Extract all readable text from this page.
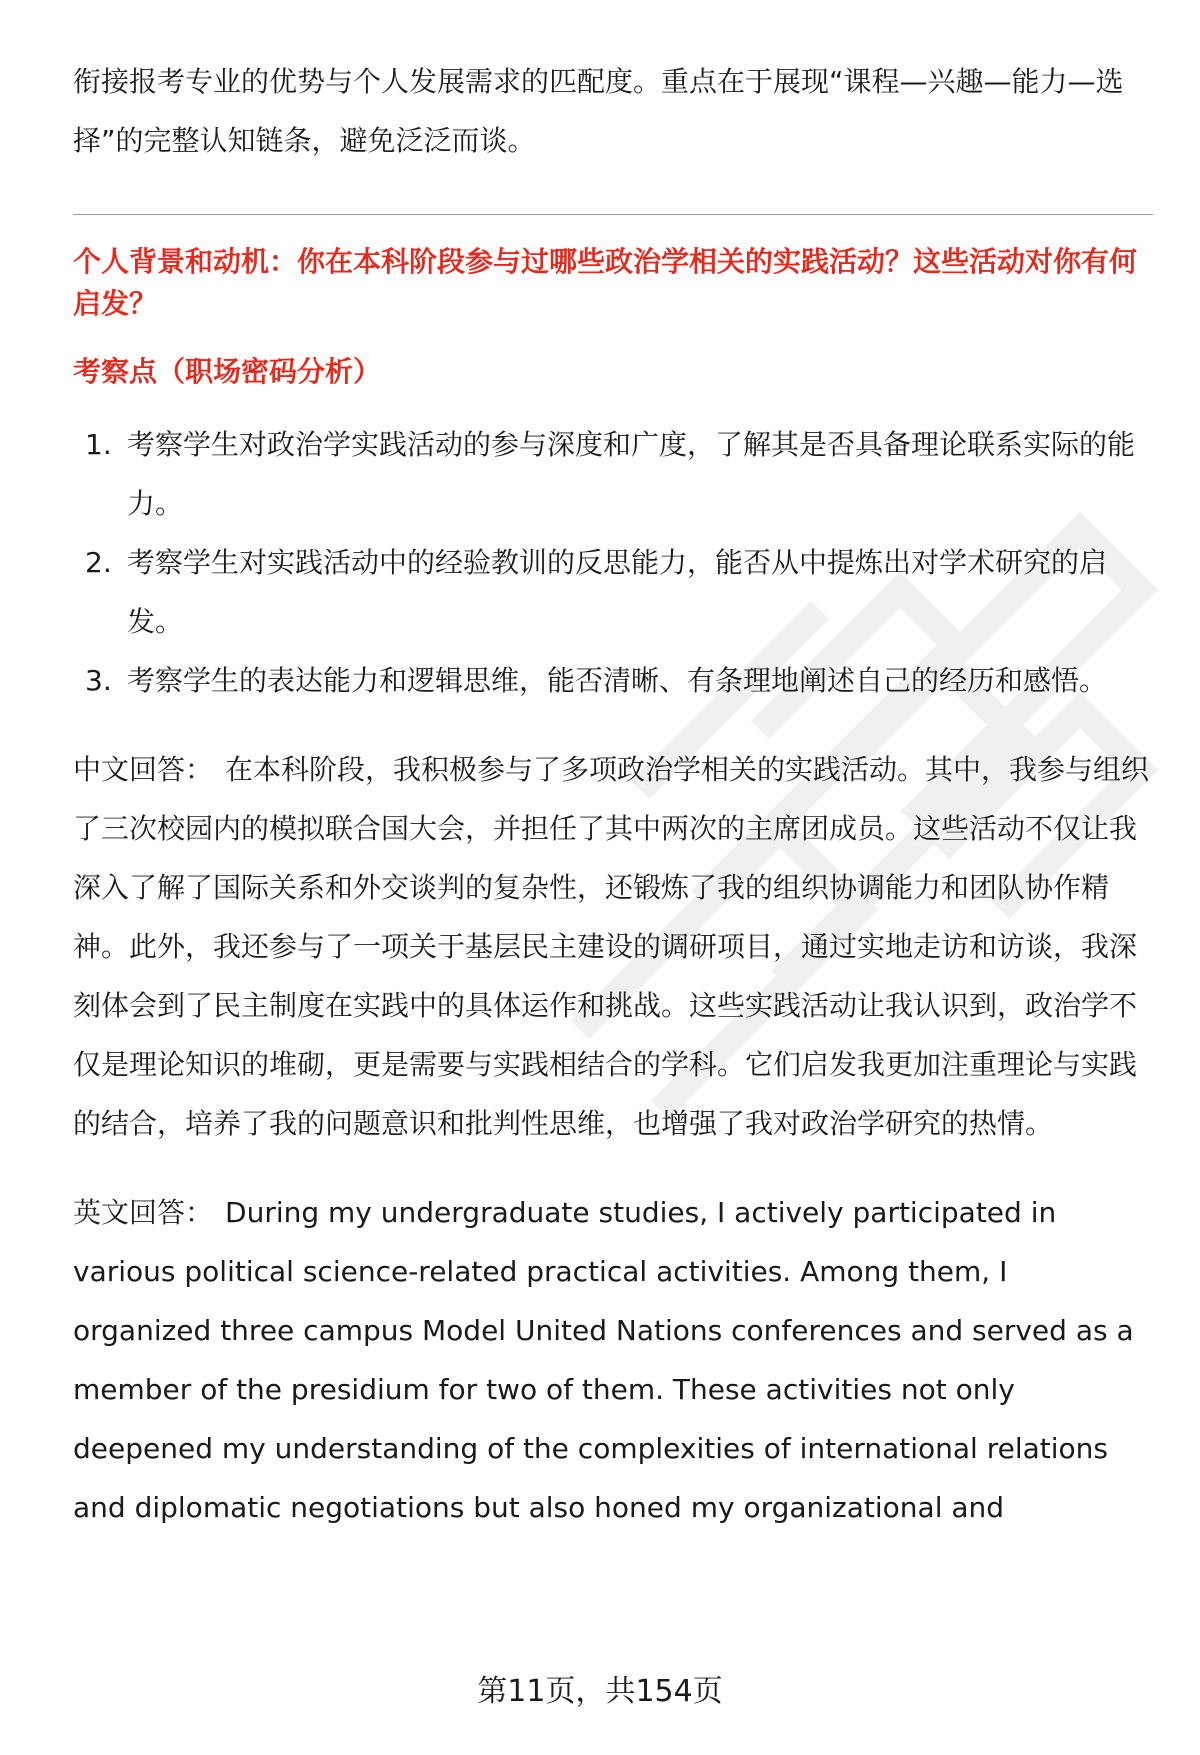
衔接报考专业的优势与个人发展需求的匹配度。重点在于展现“课程—兴趣—能力—选择”的完整认知链条，避免泛泛而谈。

个人背景和动机：你在本科阶段参与过哪些政治学相关的实践活动？这些活动对你有何启发？

考察点（职场密码分析）

1. 考察学生对政治学实践活动的参与深度和广度，了解其是否具备理论联系实际的能力。
2. 考察学生对实践活动中的经验教训的反思能力，能否从中提炼出对学术研究的启发。
3. 考察学生的表达能力和逻辑思维，能否清晰、有条理地阐述自己的经历和感悟。

中文回答： 在本科阶段，我积极参与了多项政治学相关的实践活动。其中，我参与组织了三次校园内的模拟联合国大会，并担任了其中两次的主席团成员。这些活动不仅让我深入了解了国际关系和外交谈判的复杂性，还锻炼了我的组织协调能力和团队协作精神。此外，我还参与了一项关于基层民主建设的调研项目，通过实地走访和访谈，我深刻体会到了民主制度在实践中的具体运作和挑战。这些实践活动让我认识到，政治学不仅是理论知识的堆砌，更是需要与实践相结合的学科。它们启发我更加注重理论与实践的结合，培养了我的问题意识和批判性思维，也增强了我对政治学研究的热情。

英文回答： During my undergraduate studies, I actively participated in various political science-related practical activities. Among them, I organized three campus Model United Nations conferences and served as a member of the presidium for two of them. These activities not only deepened my understanding of the complexities of international relations and diplomatic negotiations but also honed my organizational and

第11页，共154页
